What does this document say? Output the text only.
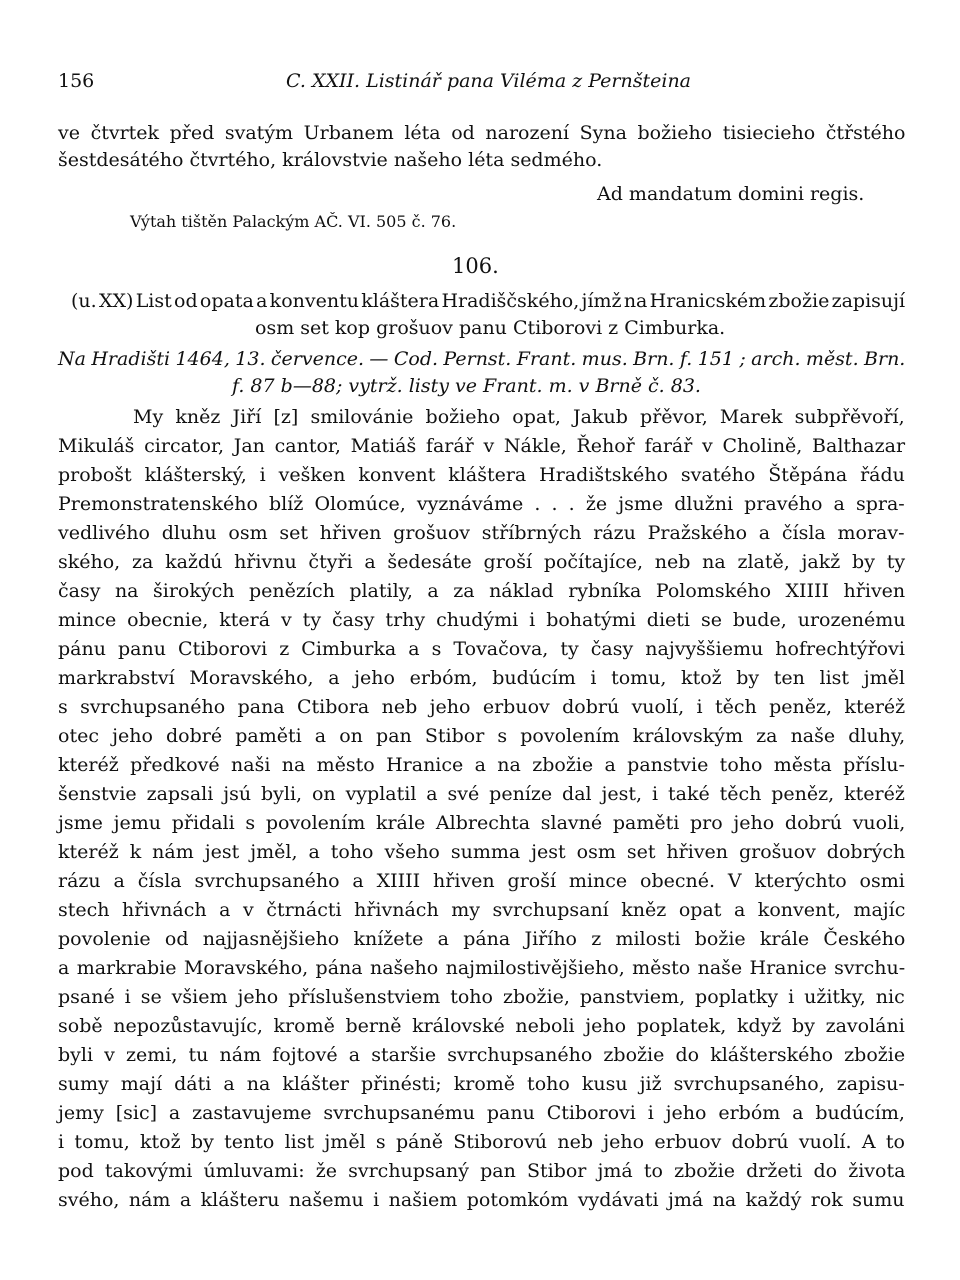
156	C. XXII. Listinář pana Viléma z Pernšteina
ve čtvrtek před svatým Urbanem léta od narození Syna božieho tisiecieho čtřstého
šestdesátého čtvrtého, královstvie našeho léta sedmého.
Ad mandatum domini regis.
Výtah tištěn Palackým AČ. VI. 505 č. 76.
106.
(u. XX) List od opata a konventu kláštera Hradiščského, jímž na Hranicském zbožie zapisují
osm set kop grošuov panu Ctiborovi z Cimburka.
Na Hradišti 1464, 13. července. — Cod. Pernst. Frant. mus. Brn. f. 151 ; arch. měst. Brn.
f. 87 b—88; vytrž. listy ve Frant. m. v Brně č. 83.
My kněz Jiří [z] smilovánie božieho opat, Jakub přěvor, Marek subpřěvoří,
Mikuláš circator, Jan cantor, Matiáš farář v Nákle, Řehoř farář v Cholině, Balthazar
probošt klášterský, i vešken konvent kláštera Hradištského svatého Štěpána řádu
Premonstratenského blíž Olomúce, vyznáváme . . . že jsme dlužni pravého a spra-
vedlivého dluhu osm set hřiven grošuov stříbrných rázu Pražského a čísla morav-
ského, za každú hřivnu čtyři a šedesáte groší počítajíce, neb na zlatě, jakž by ty
časy na širokých penězích platily, a za náklad rybníka Polomského XIIII hřiven
mince obecnie, která v ty časy trhy chudými i bohatými dieti se bude, urozenému
pánu panu Ctiborovi z Cimburka a s Tovačova, ty časy najvyššiemu hofrechtýřovi
markrabství Moravského, a jeho erbóm, budúcím i tomu, ktož by ten list jměl
s svrchupsaného pana Ctibora neb jeho erbuov dobrú vuolí, i těch peněz, kteréž
otec jeho dobré paměti a on pan Stibor s povolením královským za naše dluhy,
kteréž předkové naši na město Hranice a na zbožie a panstvie toho města příslu-
šenstvie zapsali jsú byli, on vyplatil a své peníze dal jest, i také těch peněz, kteréž
jsme jemu přidali s povolením krále Albrechta slavné paměti pro jeho dobrú vuoli,
kteréž k nám jest jměl, a toho všeho summa jest osm set hřiven grošuov dobrých
rázu a čísla svrchupsaného a XIIII hřiven groší mince obecné. V kterýchto osmi
stech hřivnách a v čtrnácti hřivnách my svrchupsaní kněz opat a konvent, majíc
povolenie od najjasnějšieho knížete a pána Jiřího z milosti božie krále Českého
a markrabie Moravského, pána našeho najmilostivějšieho, město naše Hranice svrchu-
psané i se všiem jeho příslušenstviem toho zbožie, panstviem, poplatky i užitky, nic
sobě nepozůstavujíc, kromě berně královské neboli jeho poplatek, když by zavoláni
byli v zemi, tu nám fojtové a staršie svrchupsaného zbožie do klášterského zbožie
sumy mají dáti a na klášter přinésti; kromě toho kusu již svrchupsaného, zapisu-
jemy [sic] a zastavujeme svrchupsanému panu Ctiborovi i jeho erbóm a budúcím,
i tomu, ktož by tento list jměl s páně Stiborovú neb jeho erbuov dobrú vuolí. A to
pod takovými úmluvami: že svrchupsaný pan Stibor jmá to zbožie držeti do života
svého, nám a klášteru našemu i našiem potomkóm vydávati jmá na každý rok sumu
